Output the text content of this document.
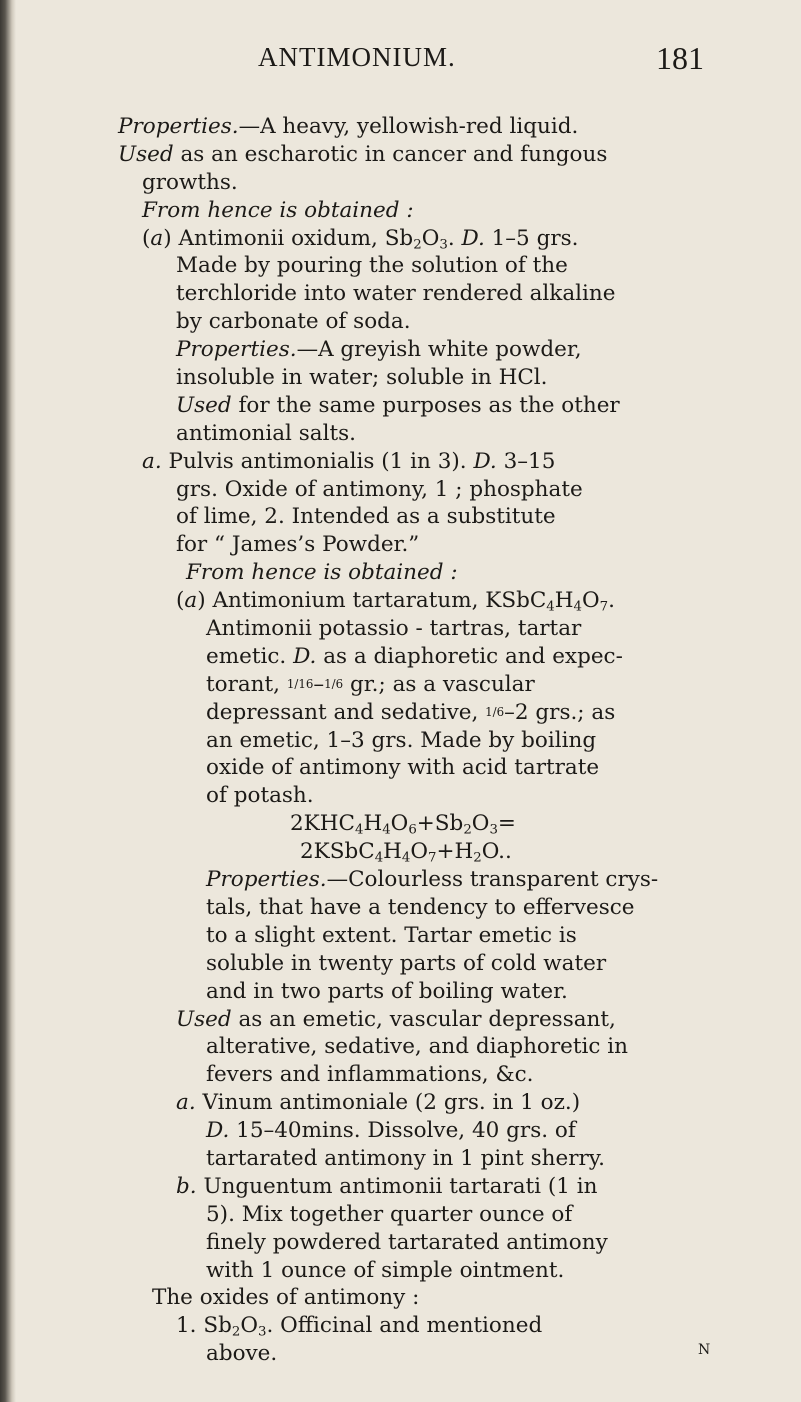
ANTIMONIUM.	181
Properties.—A heavy, yellowish-red liquid.
Used as an escharotic in cancer and fungous
growths.
From hence is obtained :
(a) Antimonii oxidum, $Sb_2O_3$. D. 1–5 grs.
Made by pouring the solution of the
terchloride into water rendered alkaline
by carbonate of soda.
Properties.—A greyish white powder,
insoluble in water; soluble in HCl.
Used for the same purposes as the other
antimonial salts.
a. Pulvis antimonialis (1 in 3). D. 3–15
grs. Oxide of antimony, 1 ; phosphate
of lime, 2. Intended as a substitute
for “ James’s Powder.”
From hence is obtained :
(a) Antimonium tartaratum, $KSbC_4H_4O_7$.
Antimonii potassio - tartras, tartar
emetic. D. as a diaphoretic and expec-
torant, 1/16–1/6 gr.; as a vascular
depressant and sedative, 1/6–2 grs.; as
an emetic, 1–3 grs. Made by boiling
oxide of antimony with acid tartrate
of potash.
$2KHC_4H_4O_6+Sb_2O_3=$
$2KSbC_4H_4O_7+H_2O$..
Properties.—Colourless transparent crys-
tals, that have a tendency to effervesce
to a slight extent. Tartar emetic is
soluble in twenty parts of cold water
and in two parts of boiling water.
Used as an emetic, vascular depressant,
alterative, sedative, and diaphoretic in
fevers and inflammations, &c.
a. Vinum antimoniale (2 grs. in 1 oz.)
D. 15–40mins. Dissolve, 40 grs. of
tartarated antimony in 1 pint sherry.
b. Unguentum antimonii tartarati (1 in
5). Mix together quarter ounce of
finely powdered tartarated antimony
with 1 ounce of simple ointment.
The oxides of antimony :
1. $Sb_2O_3$. Officinal and mentioned
above.	N
